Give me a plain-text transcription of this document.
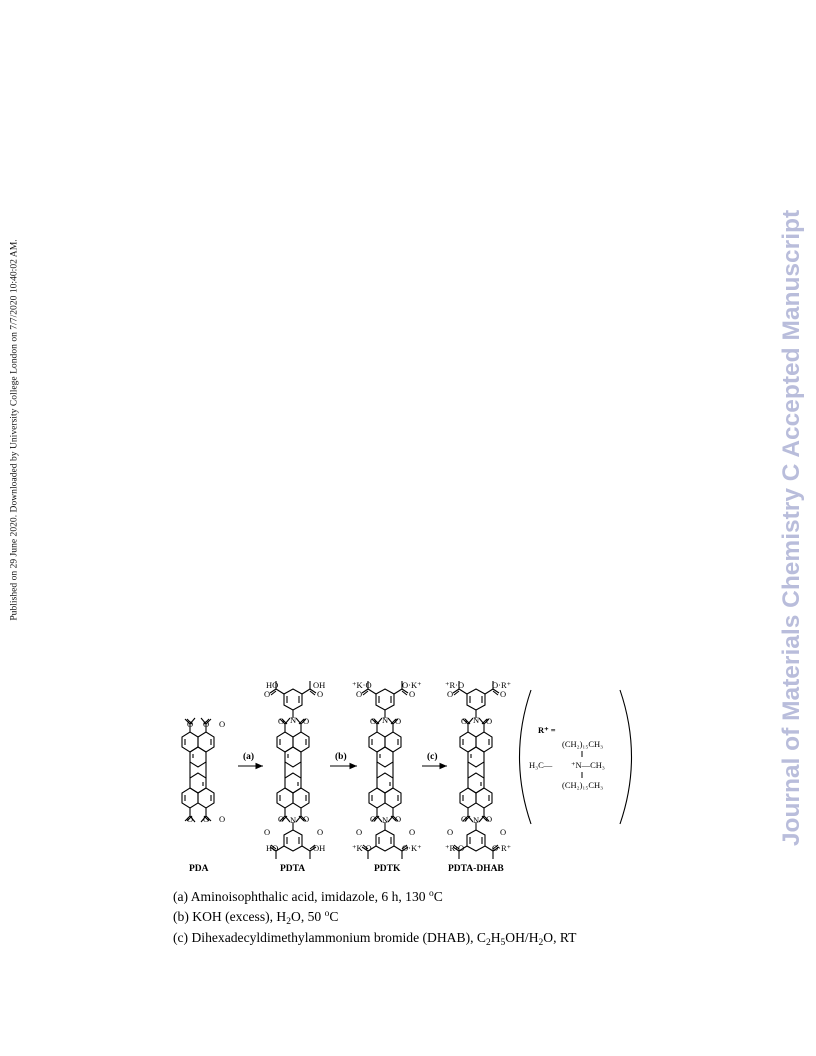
Published on 29 June 2020. Downloaded by University College London on 7/7/2020 10:40:02 AM.	Journal of Materials Chemistry C Accepted Manuscript
O O O
O O O
N
N
O O
O O
HO	OH
O	O
O	O
HO	OH
N
N
O O
O O
⁺K·O	O·K⁺
O	O
O	O
⁺K·O	O·K⁺
N
N
O O
O O
⁺R·O	O·R⁺
O	O
O	O
⁺R·O	O·R⁺
(a)	(b)	(c)
R⁺ =
(CH₂)₁₅CH₃
H₃C— ⁺N—CH₃
(CH₂)₁₅CH₃
PDA	PDTA	PDTK	PDTA-DHAB
(a) Aminoisophthalic acid, imidazole, 6 h, 130 $^o$C
(b) KOH (excess), $H_2O$, 50 $^o$C
(c) Dihexadecyldimethylammonium bromide (DHAB), $C_2H_5OH/H_2O$, RT
